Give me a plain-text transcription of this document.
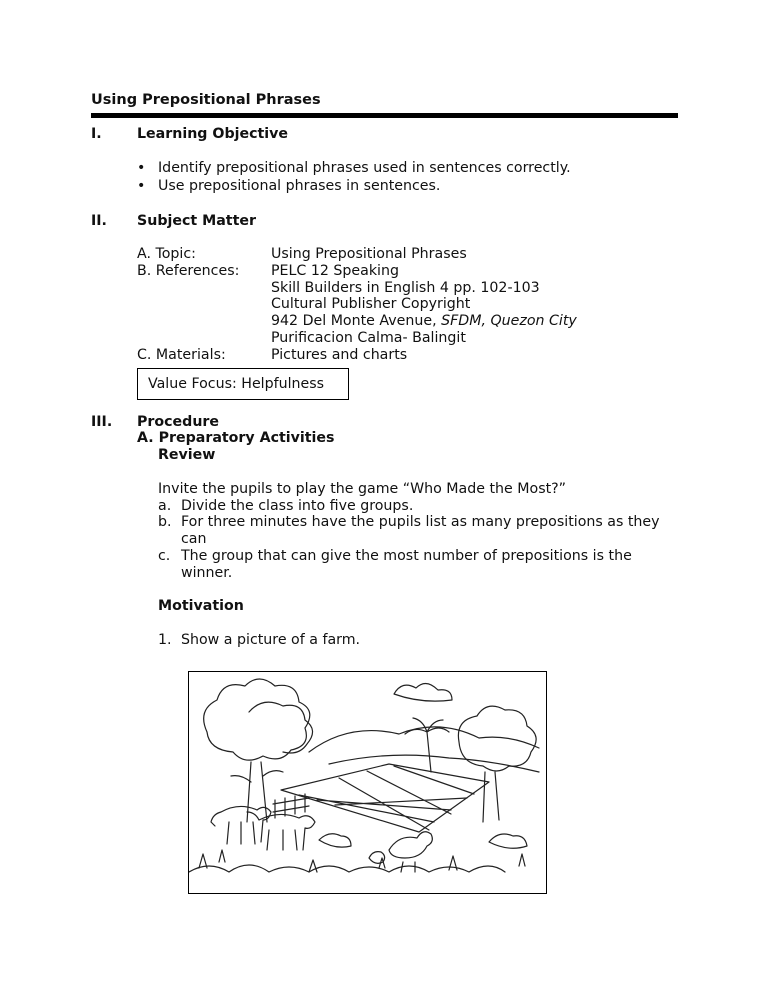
Using Prepositional Phrases
I. Learning Objective
• Identify prepositional phrases used in sentences correctly.
• Use prepositional phrases in sentences.
II. Subject Matter
A. Topic:	Using Prepositional Phrases
B. References: PELC 12 Speaking
Skill Builders in English 4 pp. 102-103
Cultural Publisher Copyright
942 Del Monte Avenue, SFDM, Quezon City
Purificacion Calma- Balingit
C. Materials:	Pictures and charts
Value Focus: Helpfulness
III. Procedure
A. Preparatory Activities
Review
Invite the pupils to play the game “Who Made the Most?”
a. Divide the class into five groups.
b. For three minutes have the pupils list as many prepositions as they
can
c. The group that can give the most number of prepositions is the
winner.
Motivation
1. Show a picture of a farm.
